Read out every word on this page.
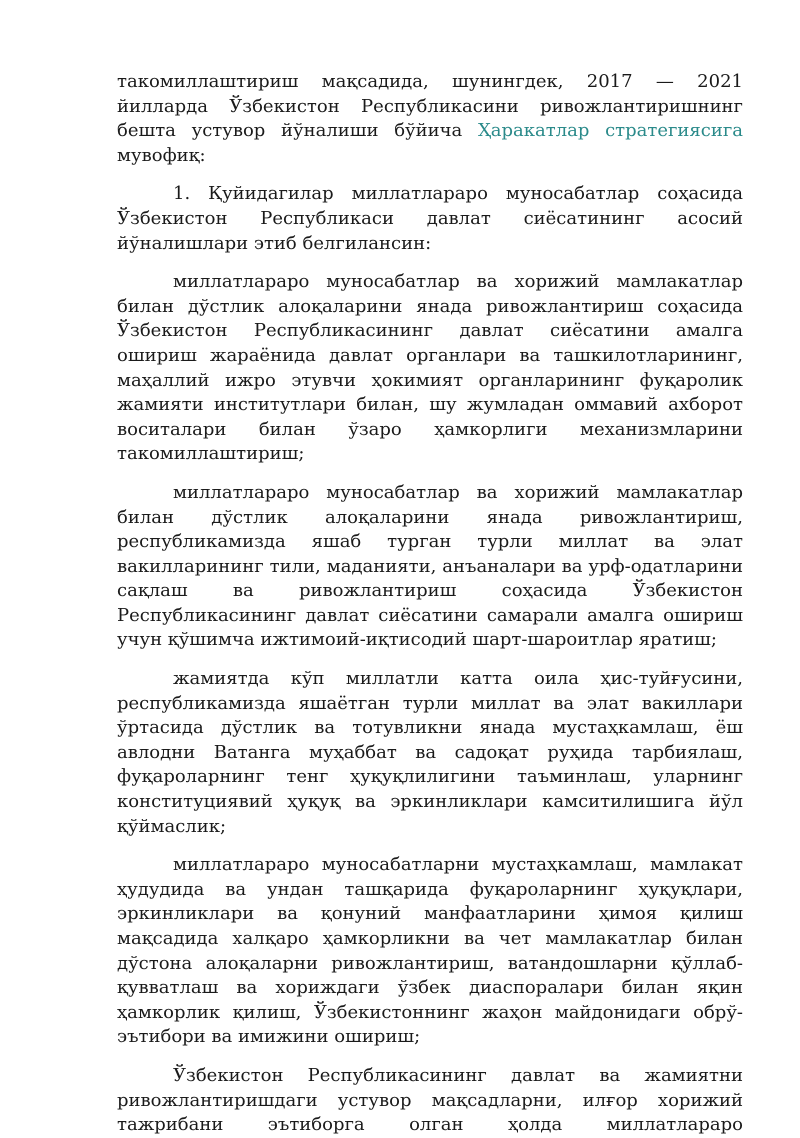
такомиллаштириш мақсадида, шунингдек, 2017 — 2021 йилларда Ўзбекистон Республикасини ривожлантиришнинг бешта устувор йўналиши бўйича Ҳаракатлар стратегиясига мувофиқ:

1. Қуйидагилар миллатлараро муносабатлар соҳасида Ўзбекистон Республикаси давлат сиёсатининг асосий йўналишлари этиб белгилансин:

миллатлараро муносабатлар ва хорижий мамлакатлар билан дўстлик алоқаларини янада ривожлантириш соҳасида Ўзбекистон Республикасининг давлат сиёсатини амалга ошириш жараёнида давлат органлари ва ташкилотларининг, маҳаллий ижро этувчи ҳокимият органларининг фуқаролик жамияти институтлари билан, шу жумладан оммавий ахборот воситалари билан ўзаро ҳамкорлиги механизмларини такомиллаштириш;

миллатлараро муносабатлар ва хорижий мамлакатлар билан дўстлик алоқаларини янада ривожлантириш, республикамизда яшаб турган турли миллат ва элат вакилларининг тили, маданияти, анъаналари ва урф-одатларини сақлаш ва ривожлантириш соҳасида Ўзбекистон Республикасининг давлат сиёсатини самарали амалга ошириш учун қўшимча ижтимоий-иқтисодий шарт-шароитлар яратиш;

жамиятда кўп миллатли катта оила ҳис-туйғусини, республикамизда яшаётган турли миллат ва элат вакиллари ўртасида дўстлик ва тотувликни янада мустаҳкамлаш, ёш авлодни Ватанга муҳаббат ва садоқат руҳида тарбиялаш, фуқароларнинг тенг ҳуқуқлилигини таъминлаш, уларнинг конституциявий ҳуқуқ ва эркинликлари камситилишига йўл қўймаслик;

миллатлараро муносабатларни мустаҳкамлаш, мамлакат ҳудудида ва ундан ташқарида фуқароларнинг ҳуқуқлари, эркинликлари ва қонуний манфаатларини ҳимоя қилиш мақсадида халқаро ҳамкорликни ва чет мамлакатлар билан дўстона алоқаларни ривожлантириш, ватандошларни қўллаб-қувватлаш ва хориждаги ўзбек диаспоралари билан яқин ҳамкорлик қилиш, Ўзбекистоннинг жаҳон майдонидаги обрў-эътибори ва имижини ошириш;

Ўзбекистон Республикасининг давлат ва жамиятни ривожлантиришдаги устувор мақсадларни, илғор хорижий тажрибани эътиборга олган ҳолда миллатлараро
